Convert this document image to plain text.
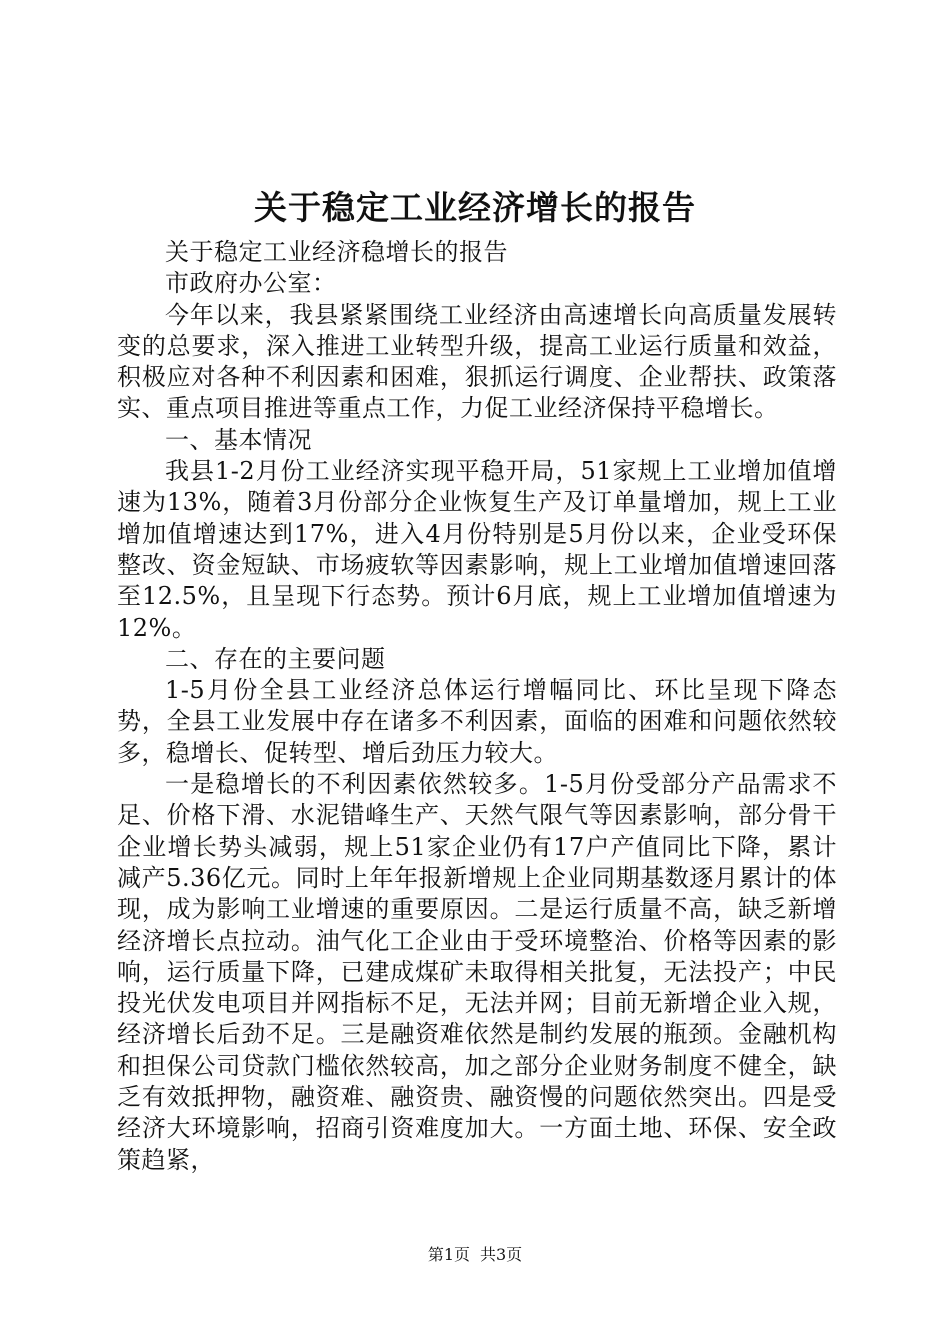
关于稳定工业经济增长的报告

关于稳定工业经济稳增长的报告

市政府办公室：

今年以来，我县紧紧围绕工业经济由高速增长向高质量发展转变的总要求，深入推进工业转型升级，提高工业运行质量和效益，积极应对各种不利因素和困难，狠抓运行调度、企业帮扶、政策落实、重点项目推进等重点工作，力促工业经济保持平稳增长。

一、基本情况

我县1-2月份工业经济实现平稳开局，51家规上工业增加值增速为13%，随着3月份部分企业恢复生产及订单量增加，规上工业增加值增速达到17%，进入4月份特别是5月份以来，企业受环保整改、资金短缺、市场疲软等因素影响，规上工业增加值增速回落至12.5%，且呈现下行态势。预计6月底，规上工业增加值增速为12%。

二、存在的主要问题

1-5月份全县工业经济总体运行增幅同比、环比呈现下降态势，全县工业发展中存在诸多不利因素，面临的困难和问题依然较多，稳增长、促转型、增后劲压力较大。

一是稳增长的不利因素依然较多。1-5月份受部分产品需求不足、价格下滑、水泥错峰生产、天然气限气等因素影响，部分骨干企业增长势头减弱，规上51家企业仍有17户产值同比下降，累计减产5.36亿元。同时上年年报新增规上企业同期基数逐月累计的体现，成为影响工业增速的重要原因。二是运行质量不高，缺乏新增经济增长点拉动。油气化工企业由于受环境整治、价格等因素的影响，运行质量下降，已建成煤矿未取得相关批复，无法投产；中民投光伏发电项目并网指标不足，无法并网；目前无新增企业入规，经济增长后劲不足。三是融资难依然是制约发展的瓶颈。金融机构和担保公司贷款门槛依然较高，加之部分企业财务制度不健全，缺乏有效抵押物，融资难、融资贵、融资慢的问题依然突出。四是受经济大环境影响，招商引资难度加大。一方面土地、环保、安全政策趋紧，

第1页 共3页
